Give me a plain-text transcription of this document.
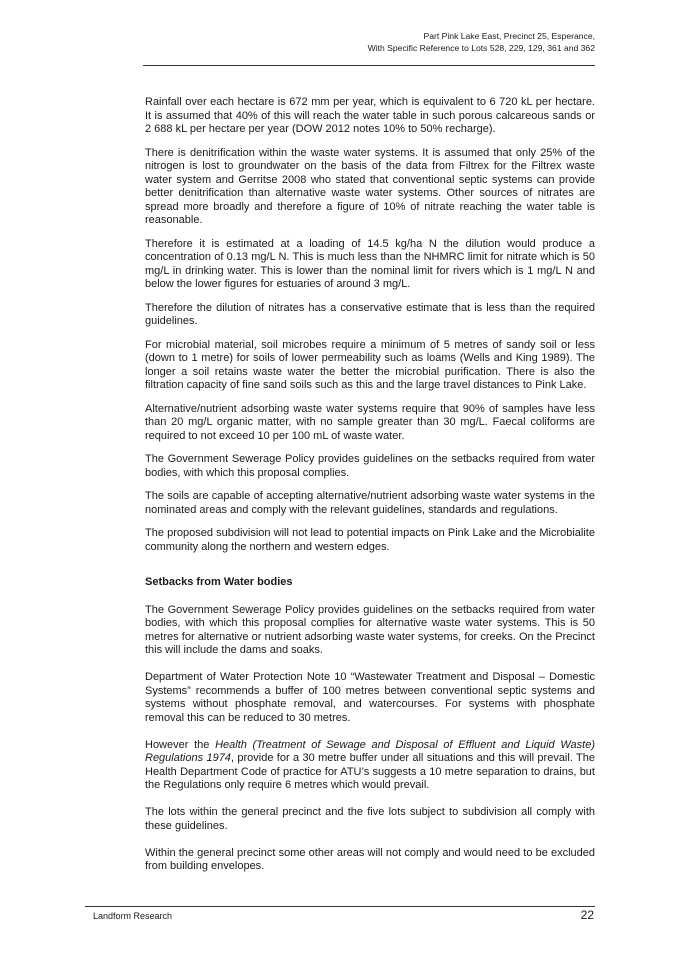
Part Pink Lake East, Precinct 25, Esperance,
With Specific Reference to Lots 528, 229, 129, 361 and 362

Rainfall over each hectare is 672 mm per year, which is equivalent to 6 720 kL per hectare. It is assumed that 40% of this will reach the water table in such porous calcareous sands or 2 688 kL per hectare per year (DOW 2012 notes 10% to 50% recharge).

There is denitrification within the waste water systems. It is assumed that only 25% of the nitrogen is lost to groundwater on the basis of the data from Filtrex for the Filtrex waste water system and Gerritse 2008 who stated that conventional septic systems can provide better denitrification than alternative waste water systems. Other sources of nitrates are spread more broadly and therefore a figure of 10% of nitrate reaching the water table is reasonable.

Therefore it is estimated at a loading of 14.5 kg/ha N the dilution would produce a concentration of 0.13 mg/L N. This is much less than the NHMRC limit for nitrate which is 50 mg/L in drinking water. This is lower than the nominal limit for rivers which is 1 mg/L N and below the lower figures for estuaries of around 3 mg/L.

Therefore the dilution of nitrates has a conservative estimate that is less than the required guidelines.

For microbial material, soil microbes require a minimum of 5 metres of sandy soil or less (down to 1 metre) for soils of lower permeability such as loams (Wells and King 1989). The longer a soil retains waste water the better the microbial purification. There is also the filtration capacity of fine sand soils such as this and the large travel distances to Pink Lake.

Alternative/nutrient adsorbing waste water systems require that 90% of samples have less than 20 mg/L organic matter, with no sample greater than 30 mg/L. Faecal coliforms are required to not exceed 10 per 100 mL of waste water.

The Government Sewerage Policy provides guidelines on the setbacks required from water bodies, with which this proposal complies.

The soils are capable of accepting alternative/nutrient adsorbing waste water systems in the nominated areas and comply with the relevant guidelines, standards and regulations.

The proposed subdivision will not lead to potential impacts on Pink Lake and the Microbialite community along the northern and western edges.

Setbacks from Water bodies

The Government Sewerage Policy provides guidelines on the setbacks required from water bodies, with which this proposal complies for alternative waste water systems. This is 50 metres for alternative or nutrient adsorbing waste water systems, for creeks. On the Precinct this will include the dams and soaks.

Department of Water Protection Note 10 “Wastewater Treatment and Disposal – Domestic Systems” recommends a buffer of 100 metres between conventional septic systems and systems without phosphate removal, and watercourses. For systems with phosphate removal this can be reduced to 30 metres.

However the Health (Treatment of Sewage and Disposal of Effluent and Liquid Waste) Regulations 1974, provide for a 30 metre buffer under all situations and this will prevail. The Health Department Code of practice for ATU’s suggests a 10 metre separation to drains, but the Regulations only require 6 metres which would prevail.

The lots within the general precinct and the five lots subject to subdivision all comply with these guidelines.

Within the general precinct some other areas will not comply and would need to be excluded from building envelopes.

Landform Research	22
